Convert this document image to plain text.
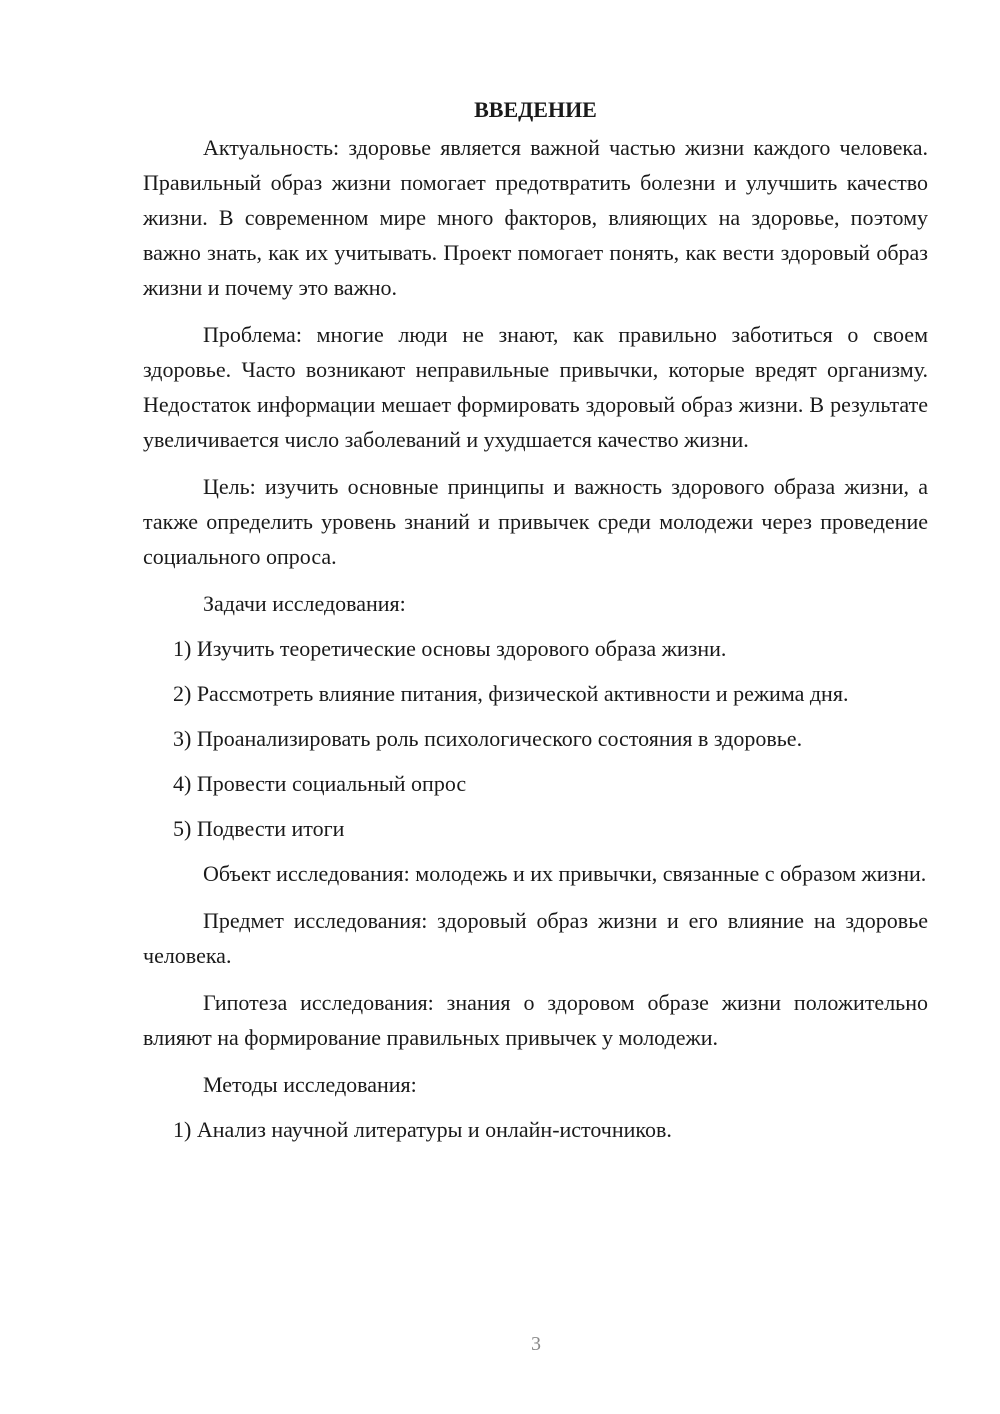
ВВЕДЕНИЕ

Актуальность: здоровье является важной частью жизни каждого человека. Правильный образ жизни помогает предотвратить болезни и улучшить качество жизни. В современном мире много факторов, влияющих на здоровье, поэтому важно знать, как их учитывать. Проект помогает понять, как вести здоровый образ жизни и почему это важно.

Проблема: многие люди не знают, как правильно заботиться о своем здоровье. Часто возникают неправильные привычки, которые вредят организму. Недостаток информации мешает формировать здоровый образ жизни. В результате увеличивается число заболеваний и ухудшается качество жизни.

Цель: изучить основные принципы и важность здорового образа жизни, а также определить уровень знаний и привычек среди молодежи через проведение социального опроса.

Задачи исследования:

1) Изучить теоретические основы здорового образа жизни.

2) Рассмотреть влияние питания, физической активности и режима дня.

3) Проанализировать роль психологического состояния в здоровье.

4) Провести социальный опрос

5) Подвести итоги

Объект исследования: молодежь и их привычки, связанные с образом жизни.

Предмет исследования: здоровый образ жизни и его влияние на здоровье человека.

Гипотеза исследования: знания о здоровом образе жизни положительно влияют на формирование правильных привычек у молодежи.

Методы исследования:

1) Анализ научной литературы и онлайн-источников.

3
